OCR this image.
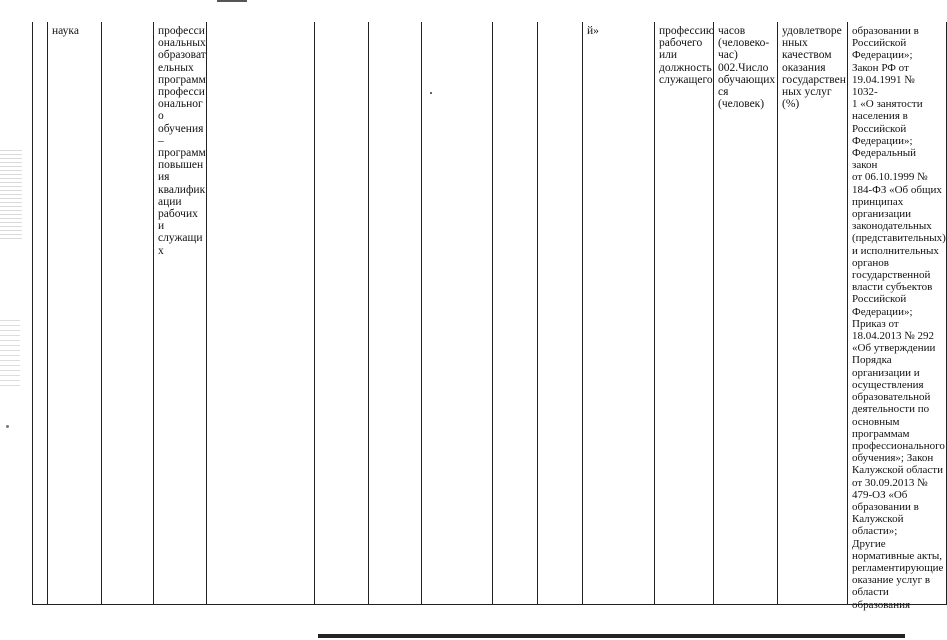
наука	професси
ональных
образоват
ельных
программ
професси
ональног
о
обучения
–
программ
повышен
ия
квалифик
ации
рабочих и
служащи
х
й»	профессию
рабочего
или
должность
служащего
часов
(человеко-
час)
002.Число
обучающих
ся
(человек)
удовлетворе
нных
качеством
оказания
государствен
ных услуг
(%)
образовании в
Российской
Федерации»;
Закон РФ от
19.04.1991 № 1032-
1 «О занятости
населения в
Российской
Федерации»;
Федеральный закон
от 06.10.1999 №
184-ФЗ «Об общих
принципах
организации
законодательных
(представительных)
и исполнительных
органов
государственной
власти субъектов
Российской
Федерации»;
Приказ от
18.04.2013 № 292
«Об утверждении
Порядка
организации и
осуществления
образовательной
деятельности по
основным
программам
профессионального
обучения»; Закон
Калужской области
от 30.09.2013 №
479-ОЗ «Об
образовании в
Калужской
области»;
Другие
нормативные акты,
регламентирующие
оказание услуг в
области
образования
